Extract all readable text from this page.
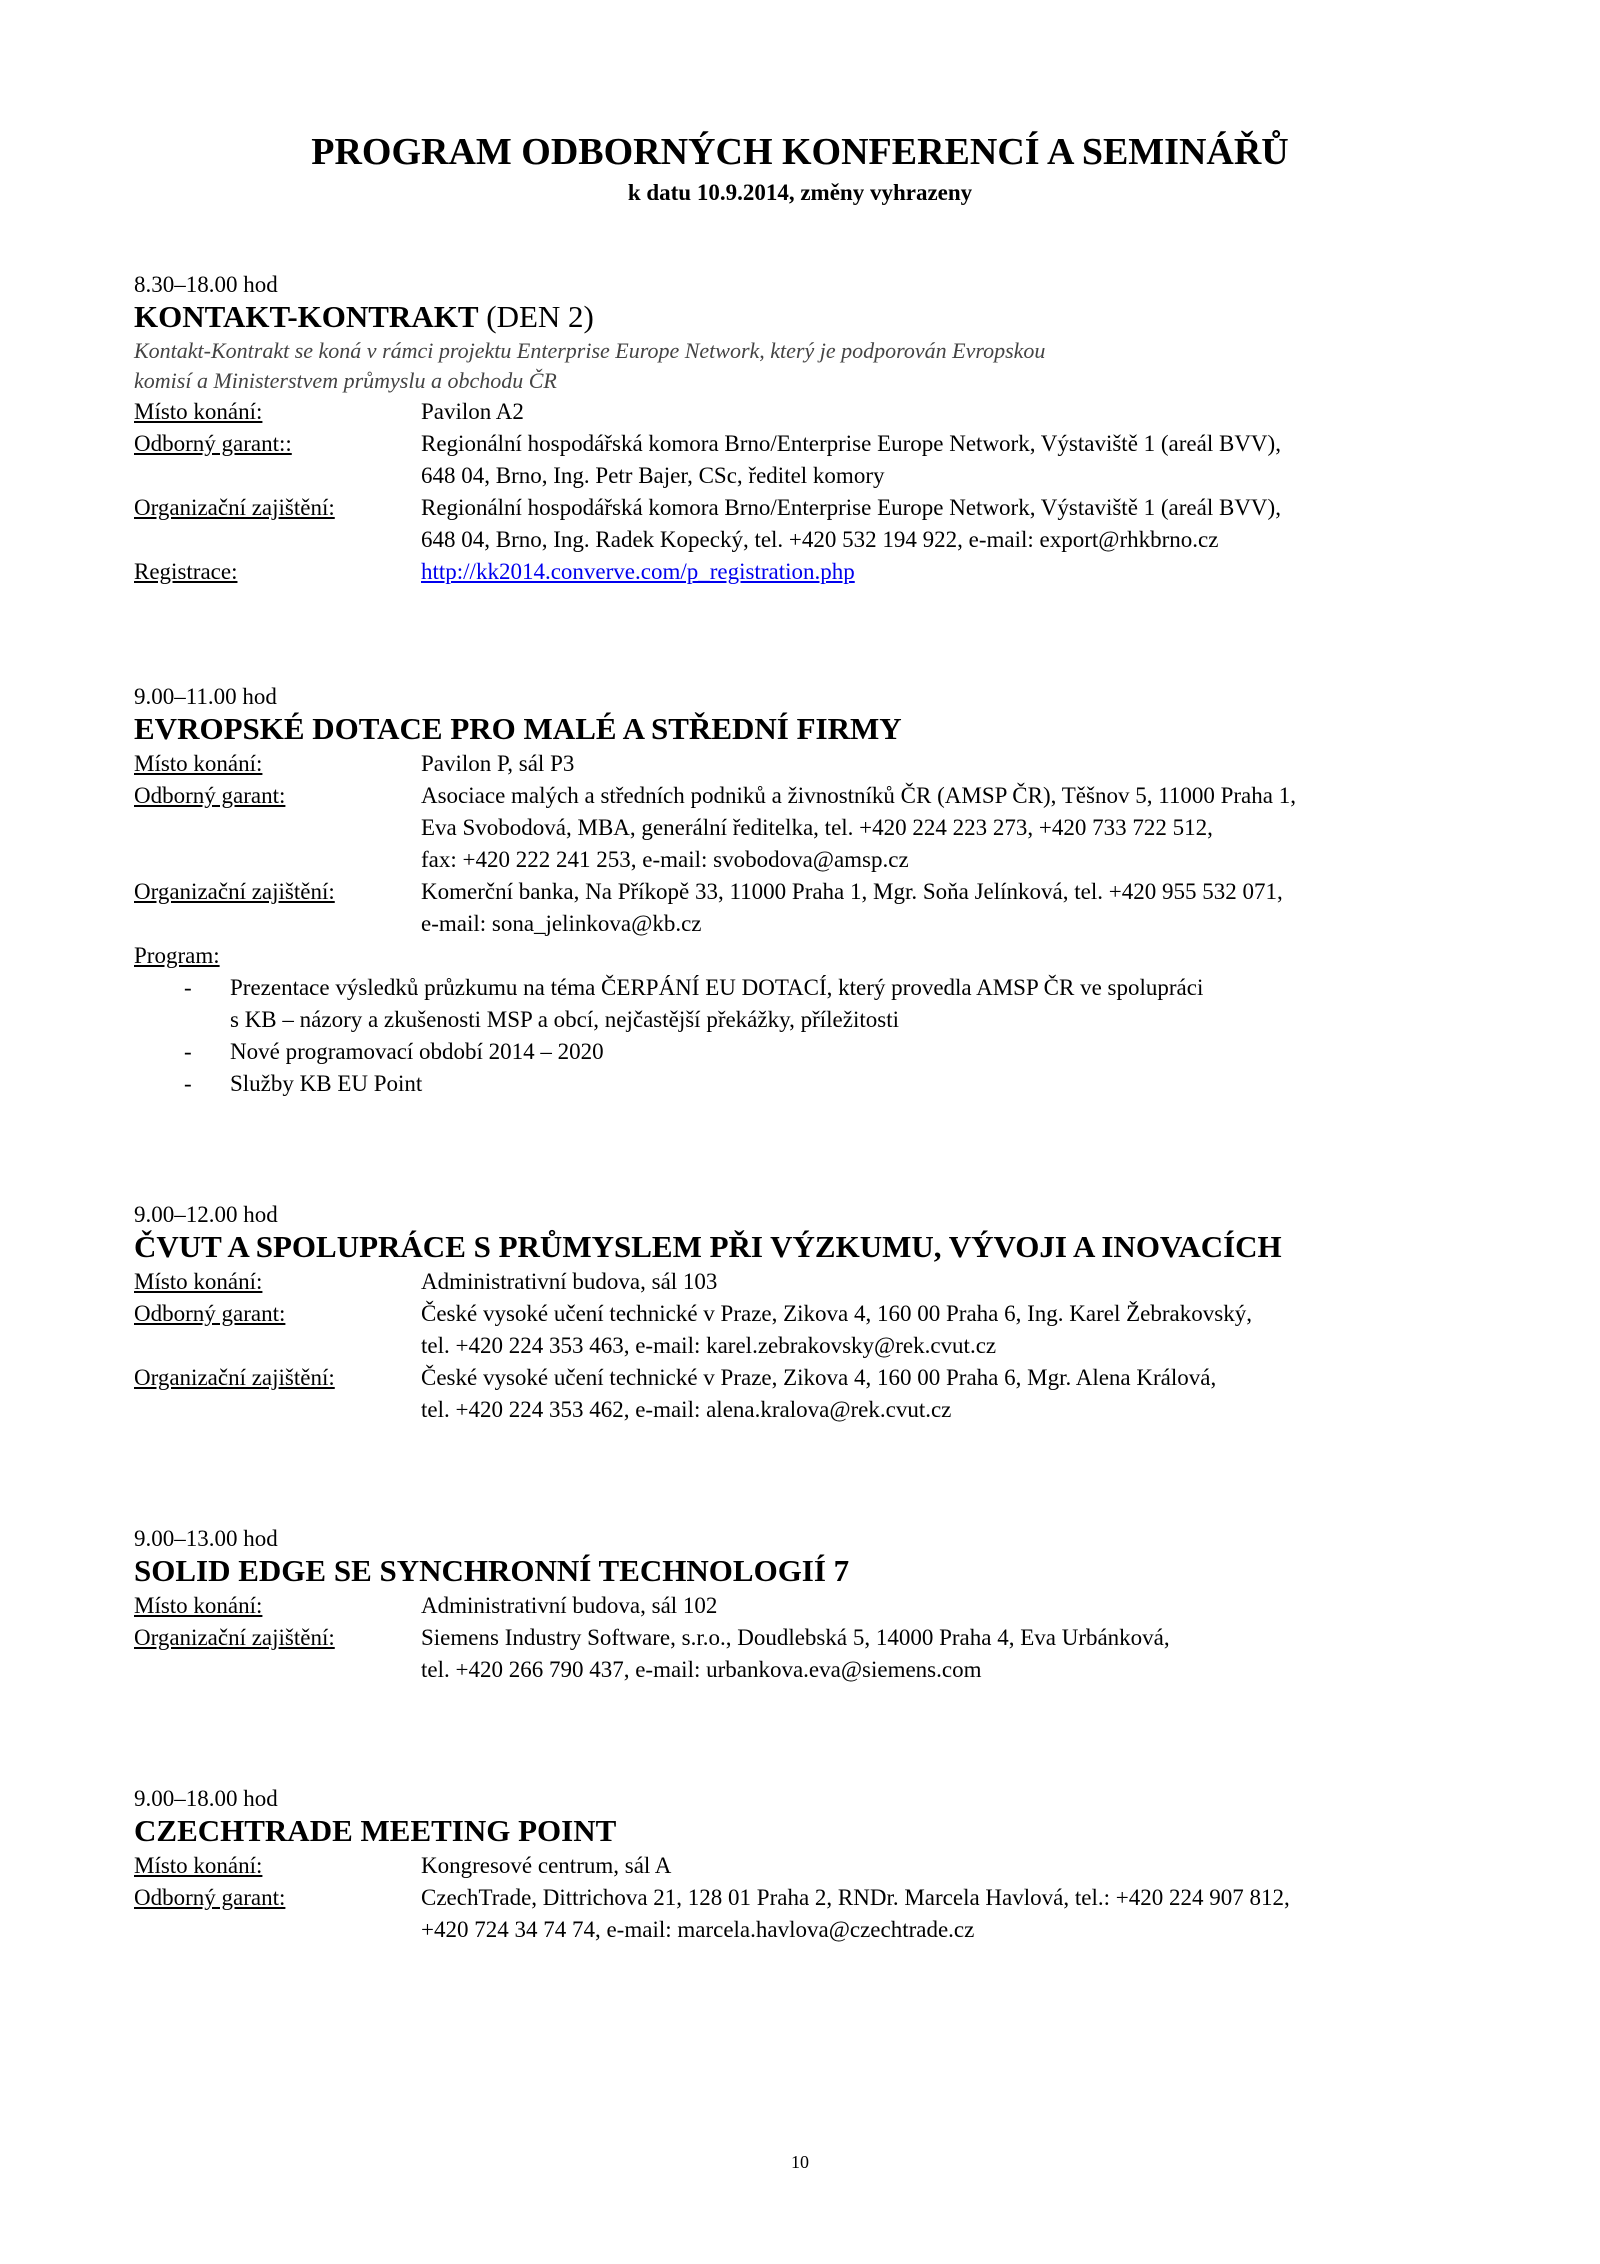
PROGRAM ODBORNÝCH KONFERENCÍ A SEMINÁŘŮ
k datu 10.9.2014, změny vyhrazeny
8.30–18.00 hod
KONTAKT-KONTRAKT (DEN 2)
Kontakt-Kontrakt se koná v rámci projektu Enterprise Europe Network, který je podporován Evropskou
komisí a Ministerstvem průmyslu a obchodu ČR
Místo konání:	Pavilon A2
Odborný garant::	Regionální hospodářská komora Brno/Enterprise Europe Network, Výstaviště 1 (areál BVV),
648 04, Brno, Ing. Petr Bajer, CSc, ředitel komory
Organizační zajištění:	Regionální hospodářská komora Brno/Enterprise Europe Network, Výstaviště 1 (areál BVV),
648 04, Brno, Ing. Radek Kopecký, tel. +420 532 194 922, e-mail: export@rhkbrno.cz
Registrace:	http://kk2014.converve.com/p_registration.php
9.00–11.00 hod
EVROPSKÉ DOTACE PRO MALÉ A STŘEDNÍ FIRMY
Místo konání:	Pavilon P, sál P3
Odborný garant:	Asociace malých a středních podniků a živnostníků ČR (AMSP ČR), Těšnov 5, 11000 Praha 1,
Eva Svobodová, MBA, generální ředitelka, tel. +420 224 223 273, +420 733 722 512,
fax: +420 222 241 253, e-mail: svobodova@amsp.cz
Organizační zajištění:	Komerční banka, Na Příkopě 33, 11000 Praha 1, Mgr. Soňa Jelínková, tel. +420 955 532 071,
e-mail: sona_jelinkova@kb.cz
Program:
- Prezentace výsledků průzkumu na téma ČERPÁNÍ EU DOTACÍ, který provedla AMSP ČR ve spolupráci
s KB – názory a zkušenosti MSP a obcí, nejčastější překážky, příležitosti
- Nové programovací období 2014 – 2020
- Služby KB EU Point
9.00–12.00 hod
ČVUT A SPOLUPRÁCE S PRŮMYSLEM PŘI VÝZKUMU, VÝVOJI A INOVACÍCH
Místo konání:	Administrativní budova, sál 103
Odborný garant:	České vysoké učení technické v Praze, Zikova 4, 160 00 Praha 6, Ing. Karel Žebrakovský,
tel. +420 224 353 463, e-mail: karel.zebrakovsky@rek.cvut.cz
Organizační zajištění:	České vysoké učení technické v Praze, Zikova 4, 160 00 Praha 6, Mgr. Alena Králová,
tel. +420 224 353 462, e-mail: alena.kralova@rek.cvut.cz
9.00–13.00 hod
SOLID EDGE SE SYNCHRONNÍ TECHNOLOGIÍ 7
Místo konání:	Administrativní budova, sál 102
Organizační zajištění:	Siemens Industry Software, s.r.o., Doudlebská 5, 14000 Praha 4, Eva Urbánková,
tel. +420 266 790 437, e-mail: urbankova.eva@siemens.com
9.00–18.00 hod
CZECHTRADE MEETING POINT
Místo konání:	Kongresové centrum, sál A
Odborný garant:	CzechTrade, Dittrichova 21, 128 01 Praha 2, RNDr. Marcela Havlová, tel.: +420 224 907 812,
+420 724 34 74 74, e-mail: marcela.havlova@czechtrade.cz
10
